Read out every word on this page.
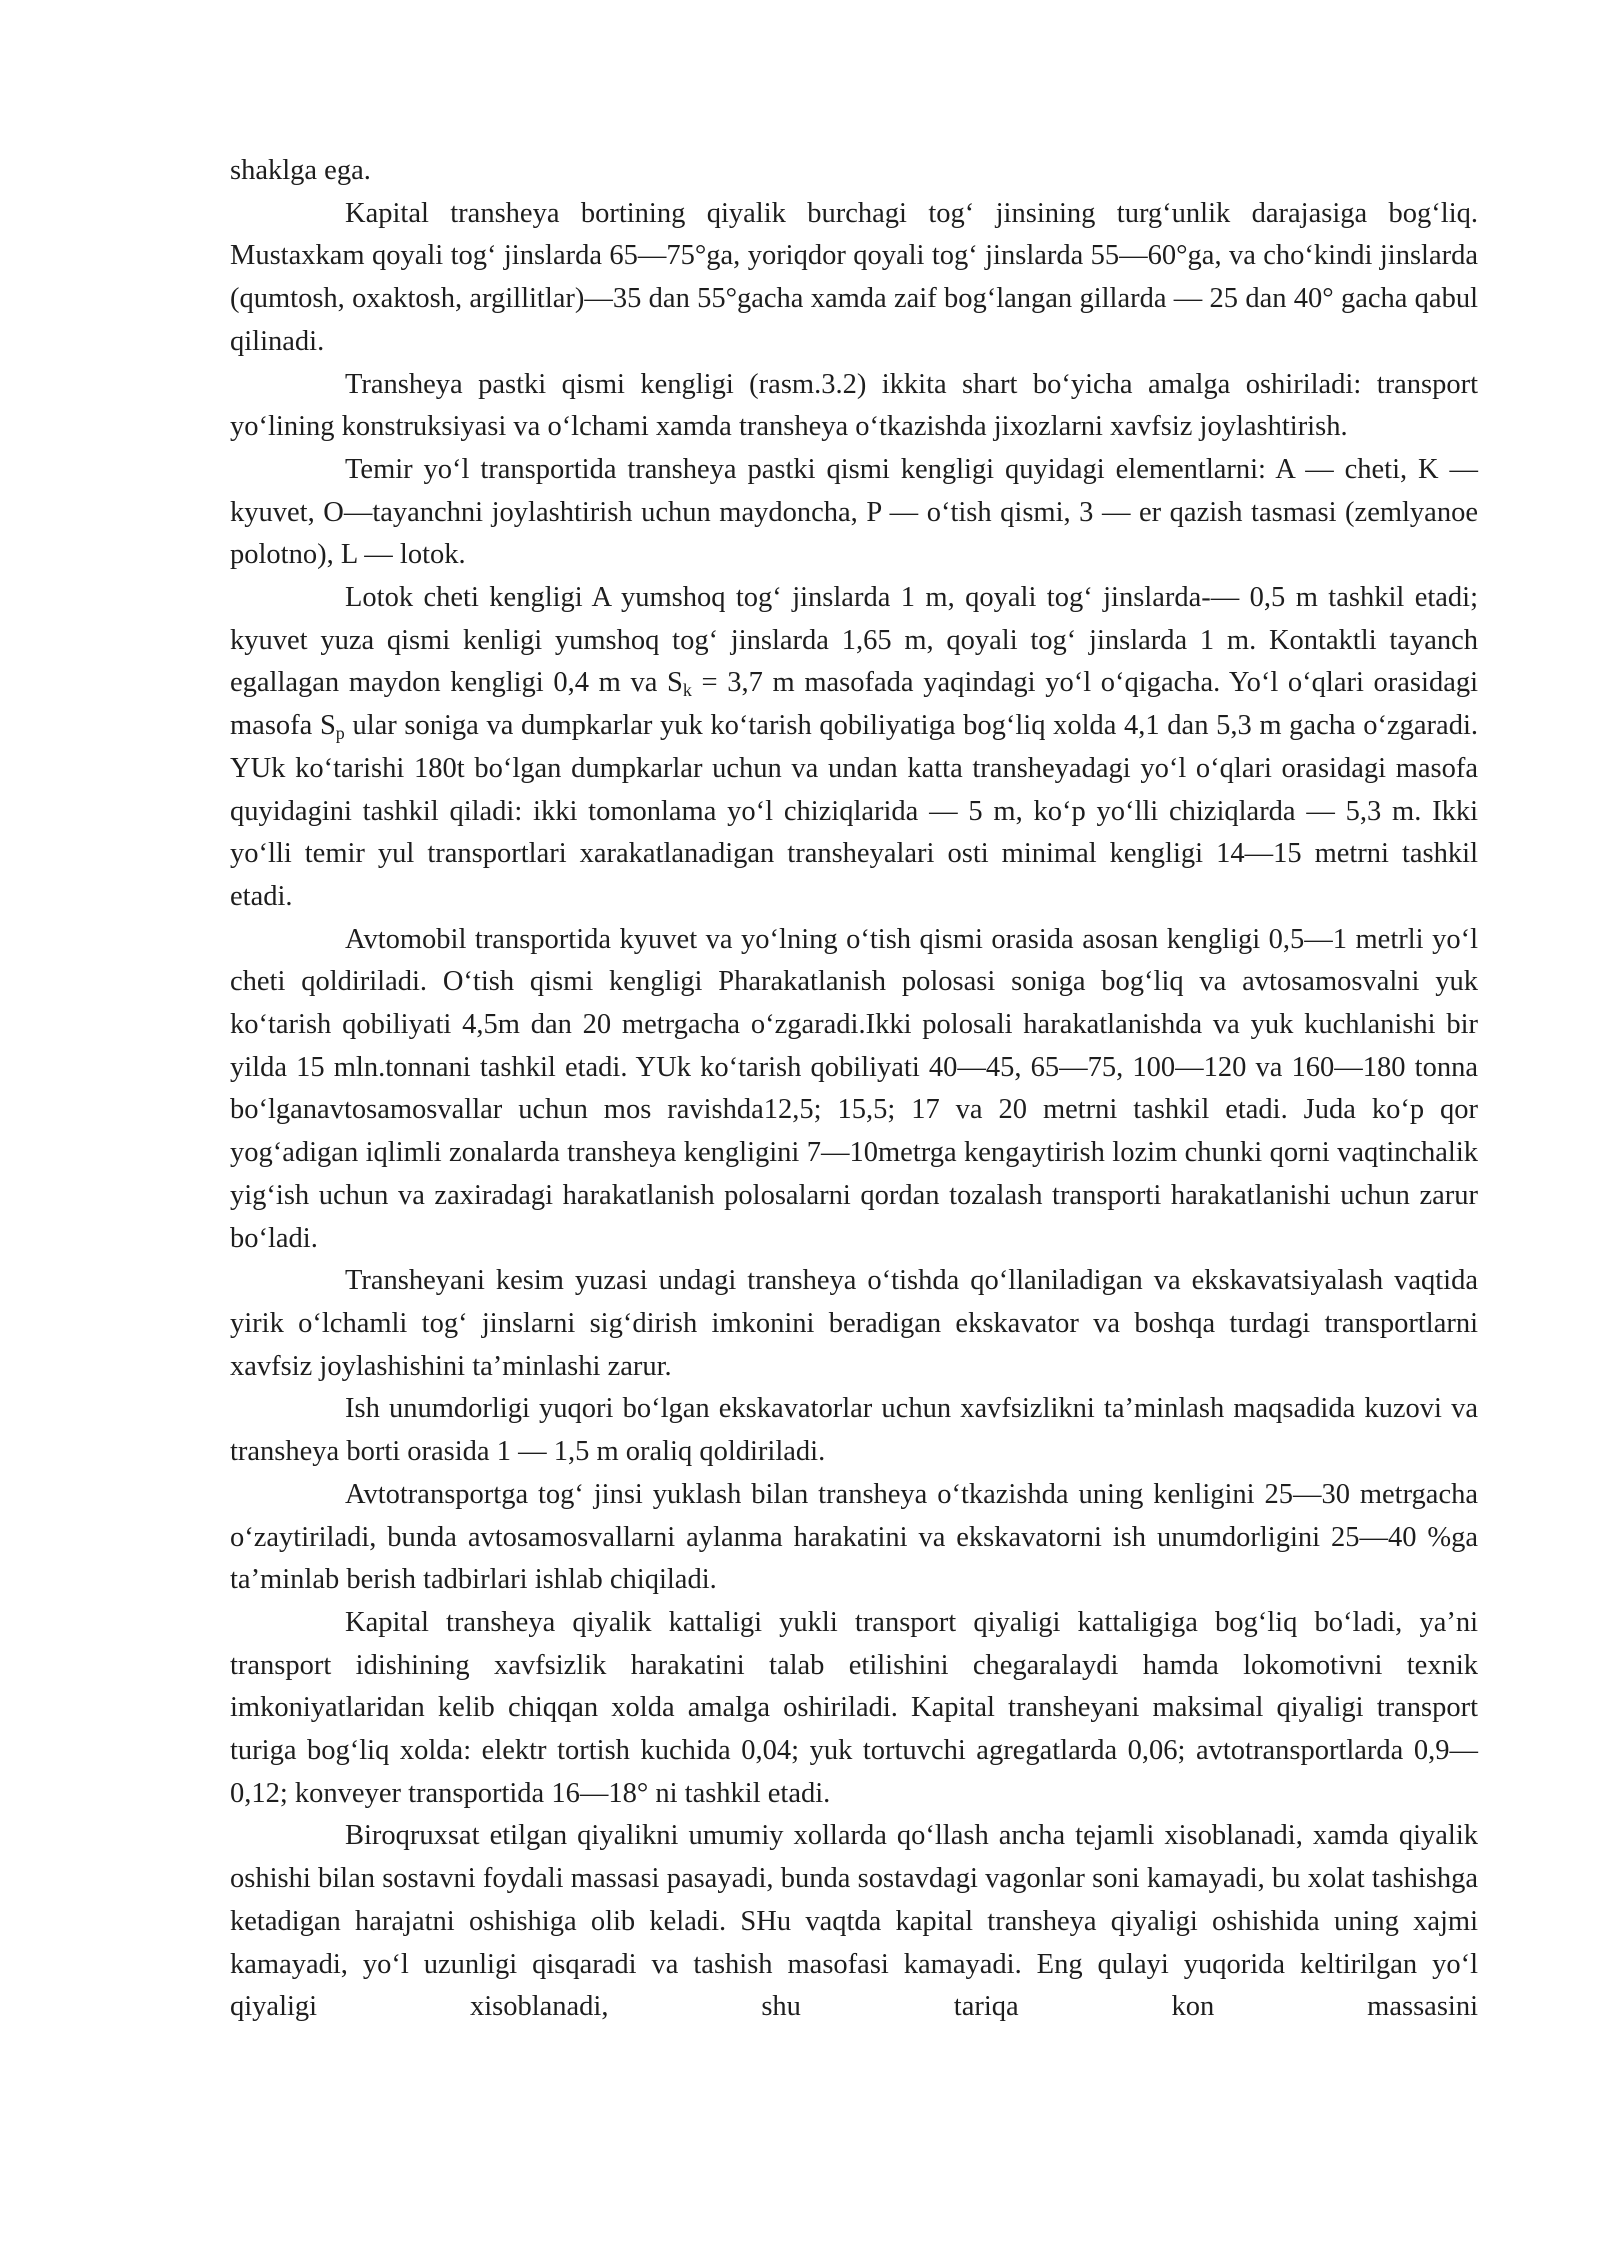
shaklga ega.

Kapital transheya bortining qiyalik burchagi tog‘ jinsining turg‘unlik darajasiga bog‘liq. Mustaxkam qoyali tog‘ jinslarda 65—75°ga, yoriqdor qoyali tog‘ jinslarda 55—60°ga, va cho‘kindi jinslarda (qumtosh, oxaktosh, argillitlar)—35 dan 55°gacha xamda zaif bog‘langan gillarda — 25 dan 40° gacha qabul qilinadi.

Transheya pastki qismi kengligi (rasm.3.2) ikkita shart bo‘yicha amalga oshiriladi: transport yo‘lining konstruksiyasi va o‘lchami xamda transheya o‘tkazishda jixozlarni xavfsiz joylashtirish.

Temir yo‘l transportida transheya pastki qismi kengligi quyidagi elementlarni: A — cheti, K — kyuvet, O—tayanchni joylashtirish uchun maydoncha, P — o‘tish qismi, 3 — er qazish tasmasi (zemlyanoe polotno), L — lotok.

Lotok cheti kengligi A yumshoq tog‘ jinslarda 1 m, qoyali tog‘ jinslarda-— 0,5 m tashkil etadi; kyuvet yuza qismi kenligi yumshoq tog‘ jinslarda 1,65 m, qoyali tog‘ jinslarda 1 m. Kontaktli tayanch egallagan maydon kengligi 0,4 m va $S_k = 3,7$ m masofada yaqindagi yo‘l o‘qigacha. Yo‘l o‘qlari orasidagi masofa $S_p$ ular soniga va dumpkarlar yuk ko‘tarish qobiliyatiga bog‘liq xolda 4,1 dan 5,3 m gacha o‘zgaradi. YUk ko‘tarishi 180t bo‘lgan dumpkarlar uchun va undan katta transheyadagi yo‘l o‘qlari orasidagi masofa quyidagini tashkil qiladi: ikki tomonlama yo‘l chiziqlarida — 5 m, ko‘p yo‘lli chiziqlarda — 5,3 m. Ikki yo‘lli temir yul transportlari xarakatlanadigan transheyalari osti minimal kengligi 14—15 metrni tashkil etadi.

Avtomobil transportida kyuvet va yo‘lning o‘tish qismi orasida asosan kengligi 0,5—1 metrli yo‘l cheti qoldiriladi. O‘tish qismi kengligi Pharakatlanish polosasi soniga bog‘liq va avtosamosvalni yuk ko‘tarish qobiliyati 4,5m dan 20 metrgacha o‘zgaradi.Ikki polosali harakatlanishda va yuk kuchlanishi bir yilda 15 mln.tonnani tashkil etadi. YUk ko‘tarish qobiliyati 40—45, 65—75, 100—120 va 160—180 tonna bo‘lganavtosamosvallar uchun mos ravishda12,5; 15,5; 17 va 20 metrni tashkil etadi. Juda ko‘p qor yog‘adigan iqlimli zonalarda transheya kengligini 7—10metrga kengaytirish lozim chunki qorni vaqtinchalik yig‘ish uchun va zaxiradagi harakatlanish polosalarni qordan tozalash transporti harakatlanishi uchun zarur bo‘ladi.

Transheyani kesim yuzasi undagi transheya o‘tishda qo‘llaniladigan va ekskavatsiyalash vaqtida yirik o‘lchamli tog‘ jinslarni sig‘dirish imkonini beradigan ekskavator va boshqa turdagi transportlarni xavfsiz joylashishini ta’minlashi zarur.

Ish unumdorligi yuqori bo‘lgan ekskavatorlar uchun xavfsizlikni ta’minlash maqsadida kuzovi va transheya borti orasida 1 — 1,5 m oraliq qoldiriladi.

Avtotransportga tog‘ jinsi yuklash bilan transheya o‘tkazishda uning kenligini 25—30 metrgacha o‘zaytiriladi, bunda avtosamosvallarni aylanma harakatini va ekskavatorni ish unumdorligini 25—40 %ga ta’minlab berish tadbirlari ishlab chiqiladi.

Kapital transheya qiyalik kattaligi yukli transport qiyaligi kattaligiga bog‘liq bo‘ladi, ya’ni transport idishining xavfsizlik harakatini talab etilishini chegaralaydi hamda lokomotivni texnik imkoniyatlaridan kelib chiqqan xolda amalga oshiriladi. Kapital transheyani maksimal qiyaligi transport turiga bog‘liq xolda: elektr tortish kuchida 0,04; yuk tortuvchi agregatlarda 0,06; avtotransportlarda 0,9— 0,12; konveyer transportida 16—18° ni tashkil etadi.

Biroqruxsat etilgan qiyalikni umumiy xollarda qo‘llash ancha tejamli xisoblanadi, xamda qiyalik oshishi bilan sostavni foydali massasi pasayadi, bunda sostavdagi vagonlar soni kamayadi, bu xolat tashishga ketadigan harajatni oshishiga olib keladi. SHu vaqtda kapital transheya qiyaligi oshishida uning xajmi kamayadi, yo‘l uzunligi qisqaradi va tashish masofasi kamayadi. Eng qulayi yuqorida keltirilgan yo‘l qiyaligi xisoblanadi, shu tariqa kon massasini
